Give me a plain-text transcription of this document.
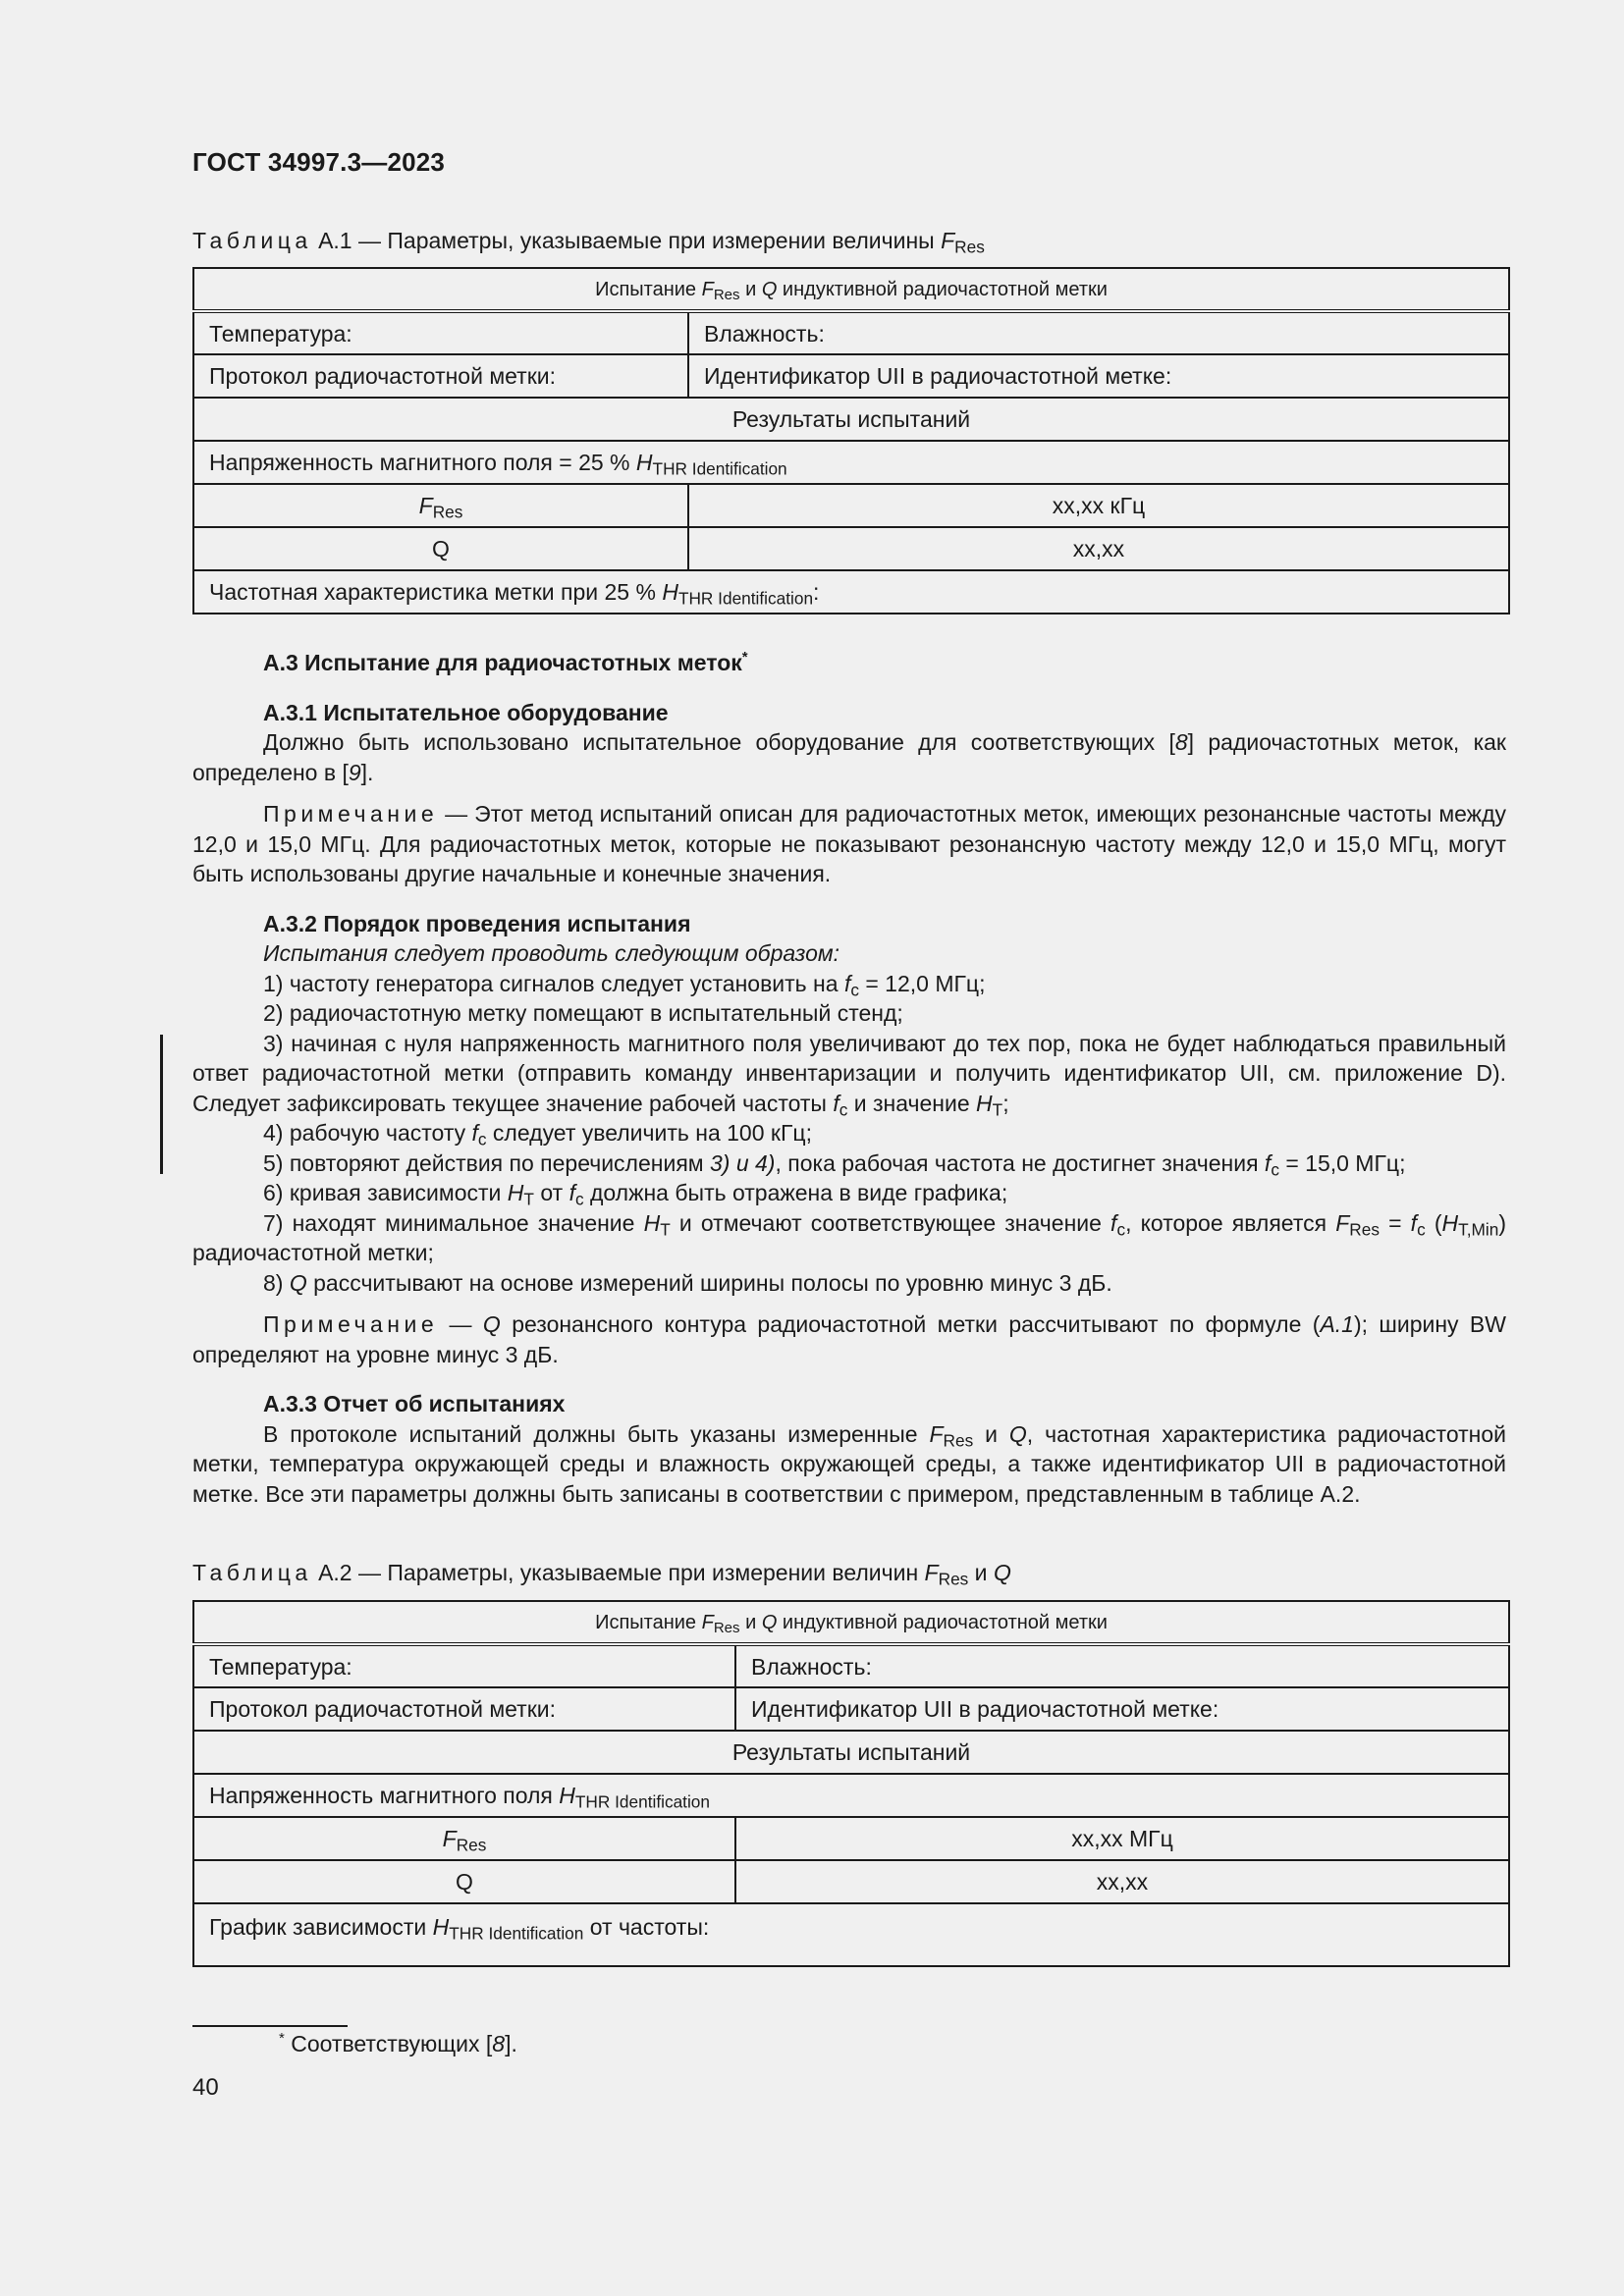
ГОСТ 34997.3—2023
Таблица A.1 — Параметры, указываемые при измерении величины $F_{Res}$
Испытание $F_{Res}$ и Q индуктивной радиочастотной метки	
Температура:	Влажность:
Протокол радиочастотной метки:	Идентификатор UII в радиочастотной метке:
Результаты испытаний	
Напряженность магнитного поля = 25 % $H_{THR Identification}$
$F_{Res}$	xx,xx кГц
Q	xx,xx
Частотная характеристика метки при 25 % $H_{THR Identification}$:	

А.3 Испытание для радиочастотных меток*

А.3.1 Испытательное оборудование

Должно быть использовано испытательное оборудование для соответствующих [8] радиочастотных меток, как определено в [9].

Примечание — Этот метод испытаний описан для радиочастотных меток, имеющих резонансные частоты между 12,0 и 15,0 МГц. Для радиочастотных меток, которые не показывают резонансную частоту между 12,0 и 15,0 МГц, могут быть использованы другие начальные и конечные значения.

А.3.2 Порядок проведения испытания

Испытания следует проводить следующим образом:

1) частоту генератора сигналов следует установить на $f_c = 12,0$ МГц;

2) радиочастотную метку помещают в испытательный стенд;

3) начиная с нуля напряженность магнитного поля увеличивают до тех пор, пока не будет наблюдаться правильный ответ радиочастотной метки (отправить команду инвентаризации и получить идентификатор UII, см. приложение D). Следует зафиксировать текущее значение рабочей частоты $f_c$ и значение $H_T$;

4) рабочую частоту $f_c$ следует увеличить на 100 кГц;

5) повторяют действия по перечислениям 3) и 4), пока рабочая частота не достигнет значения $f_c = 15,0$ МГц;

6) кривая зависимости $H_T$ от $f_c$ должна быть отражена в виде графика;

7) находят минимальное значение $H_T$ и отмечают соответствующее значение $f_c$, которое является $F_{Res} = f_c$ $(H_{T,Min})$ радиочастотной метки;

8) Q рассчитывают на основе измерений ширины полосы по уровню минус 3 дБ.

Примечание — Q резонансного контура радиочастотной метки рассчитывают по формуле (A.1); ширину BW определяют на уровне минус 3 дБ.

А.3.3 Отчет об испытаниях

В протоколе испытаний должны быть указаны измеренные $F_{Res}$ и Q, частотная характеристика радиочастотной метки, температура окружающей среды и влажность окружающей среды, а также идентификатор UII в радиочастотной метке. Все эти параметры должны быть записаны в соответствии с примером, представленным в таблице А.2.

Таблица A.2 — Параметры, указываемые при измерении величин $F_{Res}$ и Q
Испытание $F_{Res}$ и Q индуктивной радиочастотной метки	
Температура:	Влажность:
Протокол радиочастотной метки:	Идентификатор UII в радиочастотной метке:
Результаты испытаний	
Напряженность магнитного поля $H_{THR Identification}$
$F_{Res}$	xx,xx МГц
Q	xx,xx
График зависимости $H_{THR Identification}$ от частоты:	
* Соответствующих [8].
40
